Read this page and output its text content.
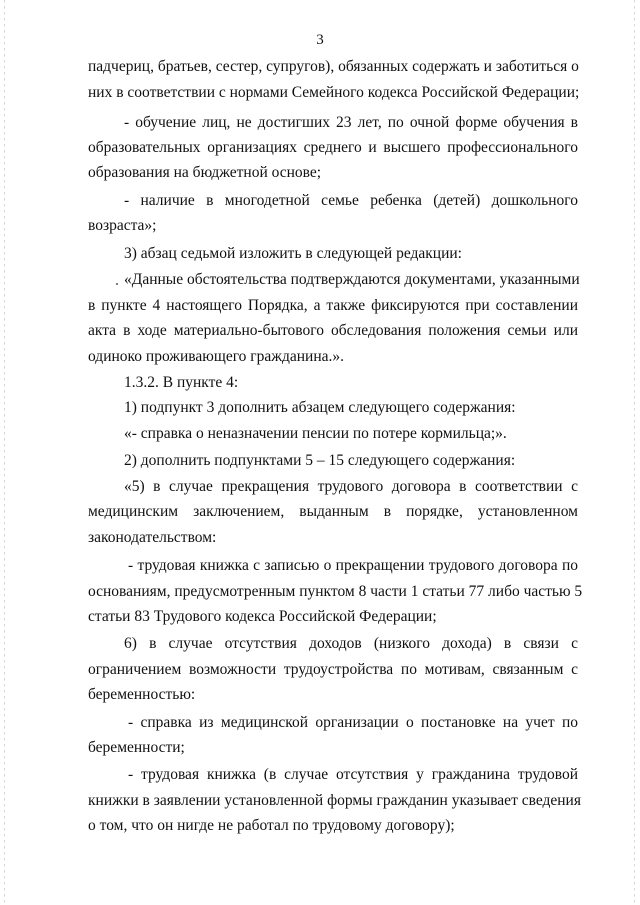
3
падчериц, братьев, сестер, супругов), обязанных содержать и заботиться о
них в соответствии с нормами Семейного кодекса Российской Федерации;
- обучение лиц, не достигших 23 лет, по очной форме обучения в
образовательных организациях среднего и высшего профессионального
образования на бюджетной основе;
- наличие в многодетной семье ребенка (детей) дошкольного
возраста»;
3) абзац седьмой изложить в следующей редакции:
«Данные обстоятельства подтверждаются документами, указанными
в пункте 4 настоящего Порядка, а также фиксируются при составлении
акта в ходе материально-бытового обследования положения семьи или
одиноко проживающего гражданина.».
1.3.2. В пункте 4:
1) подпункт 3 дополнить абзацем следующего содержания:
«- справка о неназначении пенсии по потере кормильца;».
2) дополнить подпунктами 5 – 15 следующего содержания:
«5) в случае прекращения трудового договора в соответствии с
медицинским заключением, выданным в порядке, установленном
законодательством:
- трудовая книжка с записью о прекращении трудового договора по
основаниям, предусмотренным пунктом 8 части 1 статьи 77 либо частью 5
статьи 83 Трудового кодекса Российской Федерации;
6) в случае отсутствия доходов (низкого дохода) в связи с
ограничением возможности трудоустройства по мотивам, связанным с
беременностью:
- справка из медицинской организации о постановке на учет по
беременности;
- трудовая книжка (в случае отсутствия у гражданина трудовой
книжки в заявлении установленной формы гражданин указывает сведения
о том, что он нигде не работал по трудовому договору);
